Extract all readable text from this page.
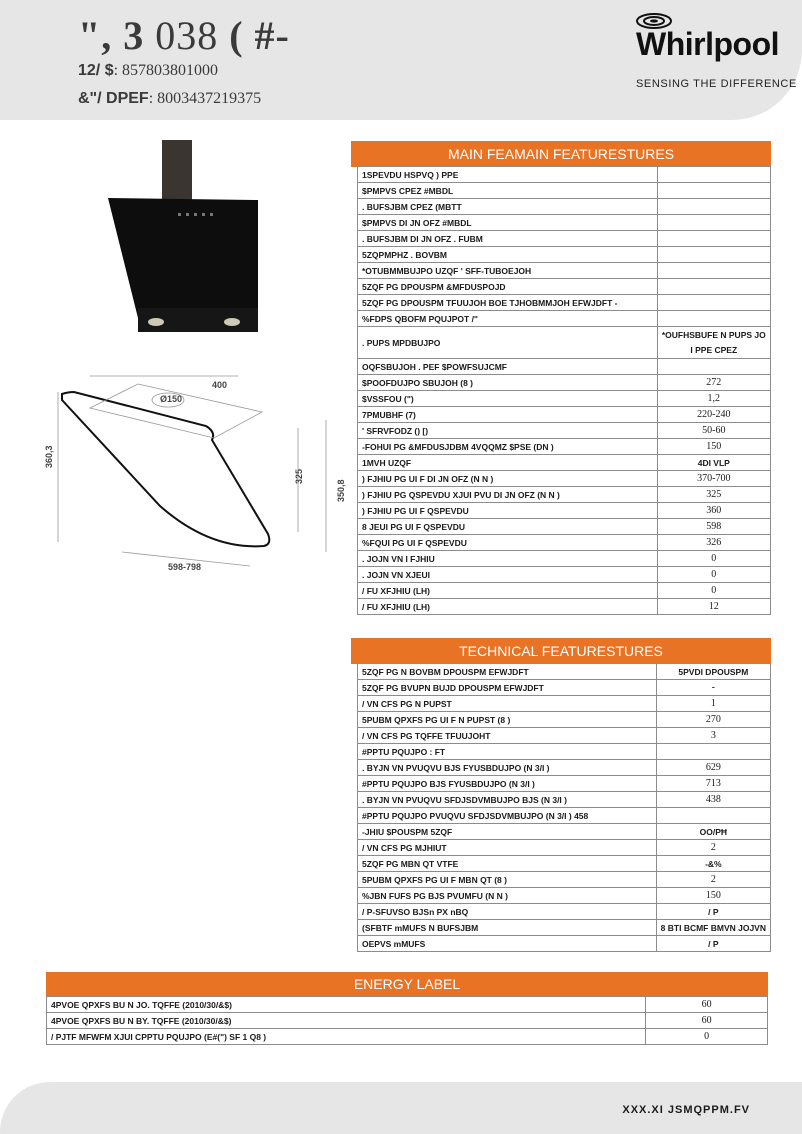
", 3 038 ( #-
12/ $: 857803801000
&"/ DPEF: 8003437219375
Whirlpool
SENSING THE DIFFERENCE
400
Ø150
360,3
325
350,8
598-798
MAIN FEAMAIN FEATURESTURES
1SPEVDU HSPVQ ) PPE	
$PMPVS CPEZ #MBDL	
. BUFSJBM CPEZ (MBTT	
$PMPVS DI JN OFZ #MBDL	
. BUFSJBM DI JN OFZ . FUBM	
5ZQPMPHZ . BOVBM	
*OTUBMMBUJPO UZQF ' SFF-TUBOEJOH	
5ZQF PG DPOUSPM &MFDUSPOJD	
5ZQF PG DPOUSPM TFUUJOH BOE TJHOBMMJOH EFWJDFT -	
%FDPS QBOFM PQUJPOT /"	
. PUPS MPDBUJPO	*OUFHSBUFE N PUPS JO I PPE CPEZ
OQFSBUJOH . PEF $POWFSUJCMF	
$POOFDUJPO SBUJOH (8 )	272
$VSSFOU (")	1,2
7PMUBHF (7)	220-240
' SFRVFODZ () [)	50-60
-FOHUI PG &MFDUSJDBM 4VQQMZ $PSE (DN )	150
1MVH UZQF	4DI VLP
) FJHIU PG UI F DI JN OFZ (N N )	370-700
) FJHIU PG QSPEVDU XJUI PVU DI JN OFZ (N N )	325
) FJHIU PG UI F QSPEVDU	360
8 JEUI PG UI F QSPEVDU	598
%FQUI PG UI F QSPEVDU	326
. JOJN VN I FJHIU	0
. JOJN VN XJEUI	0
/ FU XFJHIU (LH)	0
/ FU XFJHIU (LH)	12
TECHNICAL FEATURESTURES
5ZQF PG N BOVBM DPOUSPM EFWJDFT	5PVDI DPOUSPM
5ZQF PG BVUPN BUJD DPOUSPM EFWJDFT	-
/ VN CFS PG N PUPST	1
5PUBM QPXFS PG UI F N PUPST (8 )	270
/ VN CFS PG TQFFE TFUUJOHT	3
#PPTU PQUJPO : FT	
. BYJN VN PVUQVU BJS FYUSBDUJPO (N 3/I )	629
#PPTU PQUJPO BJS FYUSBDUJPO (N 3/I )	713
. BYJN VN PVUQVU SFDJSDVMBUJPO BJS (N 3/I )	438
#PPTU PQUJPO PVUQVU SFDJSDVMBUJPO (N 3/I ) 458	
-JHIU $POUSPM 5ZQF	OO/PĦ
/ VN CFS PG MJHIUT	2
5ZQF PG MBN QT VTFE	-&%
5PUBM QPXFS PG UI F MBN QT (8 )	2
%JBN FUFS PG BJS PVUMFU (N N )	150
/ P-SFUVSO BJSn PX nBQ	/ P
(SFBTF mMUFS N BUFSJBM	8 BTI BCMF BMVN JOJVN
OEPVS mMUFS	/ P
ENERGY LABEL
4PVOE QPXFS BU N JO. TQFFE (2010/30/&$)	60
4PVOE QPXFS BU N BY. TQFFE (2010/30/&$)	60
/ PJTF MFWFM XJUI CPPTU PQUJPO (E#(") SF 1 Q8 )	0
XXX.XI JSMQPPM.FV
